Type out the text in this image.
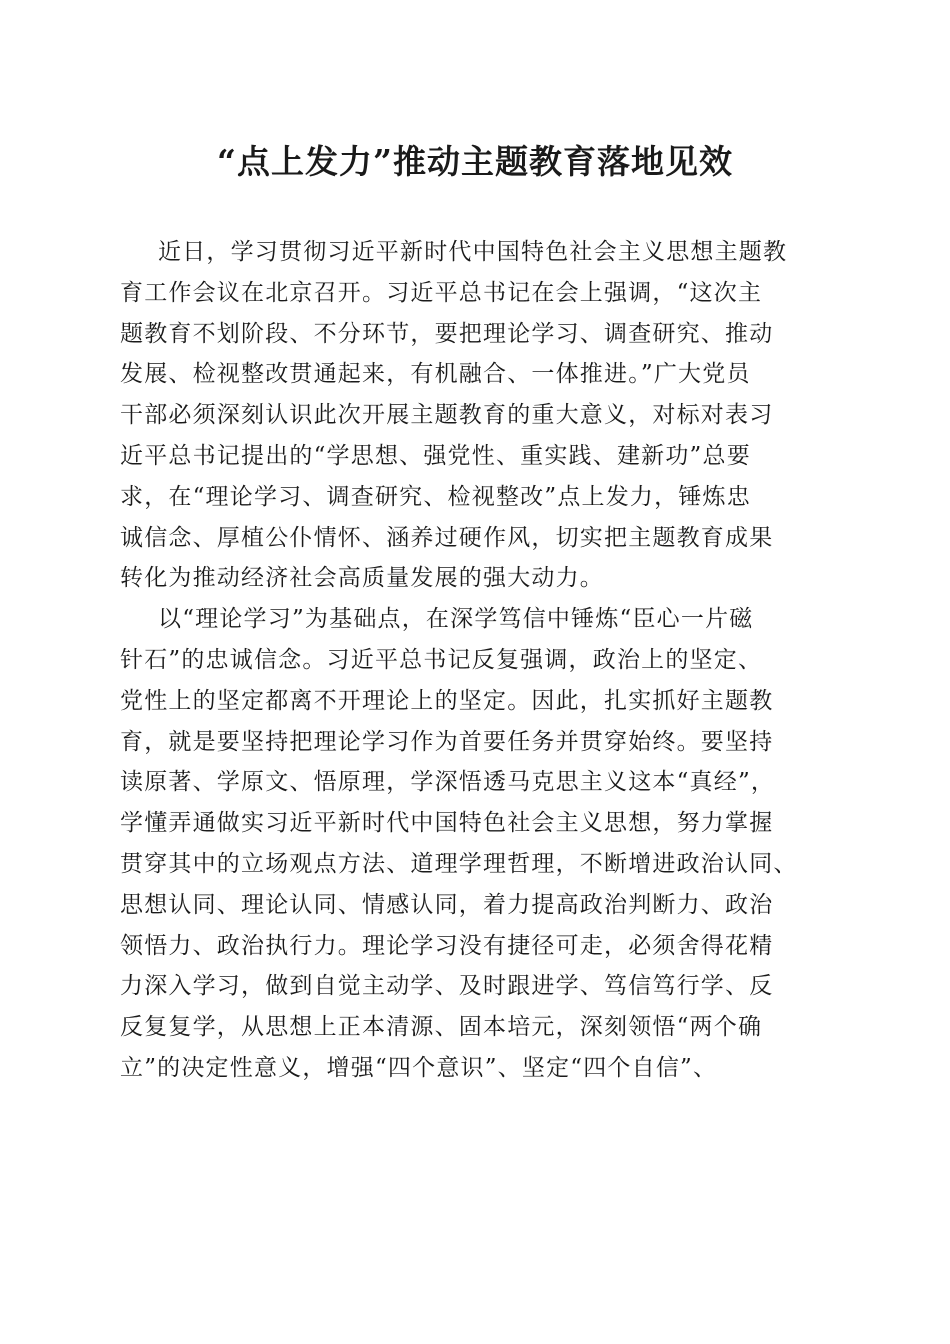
“点上发力”推动主题教育落地见效
近日，学习贯彻习近平新时代中国特色社会主义思想主题教
育工作会议在北京召开。习近平总书记在会上强调，“这次主
题教育不划阶段、不分环节，要把理论学习、调查研究、推动
发展、检视整改贯通起来，有机融合、一体推进。”广大党员
干部必须深刻认识此次开展主题教育的重大意义，对标对表习
近平总书记提出的“学思想、强党性、重实践、建新功”总要
求，在“理论学习、调查研究、检视整改”点上发力，锤炼忠
诚信念、厚植公仆情怀、涵养过硬作风，切实把主题教育成果
转化为推动经济社会高质量发展的强大动力。
以“理论学习”为基础点，在深学笃信中锤炼“臣心一片磁
针石”的忠诚信念。习近平总书记反复强调，政治上的坚定、
党性上的坚定都离不开理论上的坚定。因此，扎实抓好主题教
育，就是要坚持把理论学习作为首要任务并贯穿始终。要坚持
读原著、学原文、悟原理，学深悟透马克思主义这本“真经”，
学懂弄通做实习近平新时代中国特色社会主义思想，努力掌握
贯穿其中的立场观点方法、道理学理哲理，不断增进政治认同、
思想认同、理论认同、情感认同，着力提高政治判断力、政治
领悟力、政治执行力。理论学习没有捷径可走，必须舍得花精
力深入学习，做到自觉主动学、及时跟进学、笃信笃行学、反
反复复学，从思想上正本清源、固本培元，深刻领悟“两个确
立”的决定性意义，增强“四个意识”、坚定“四个自信”、
